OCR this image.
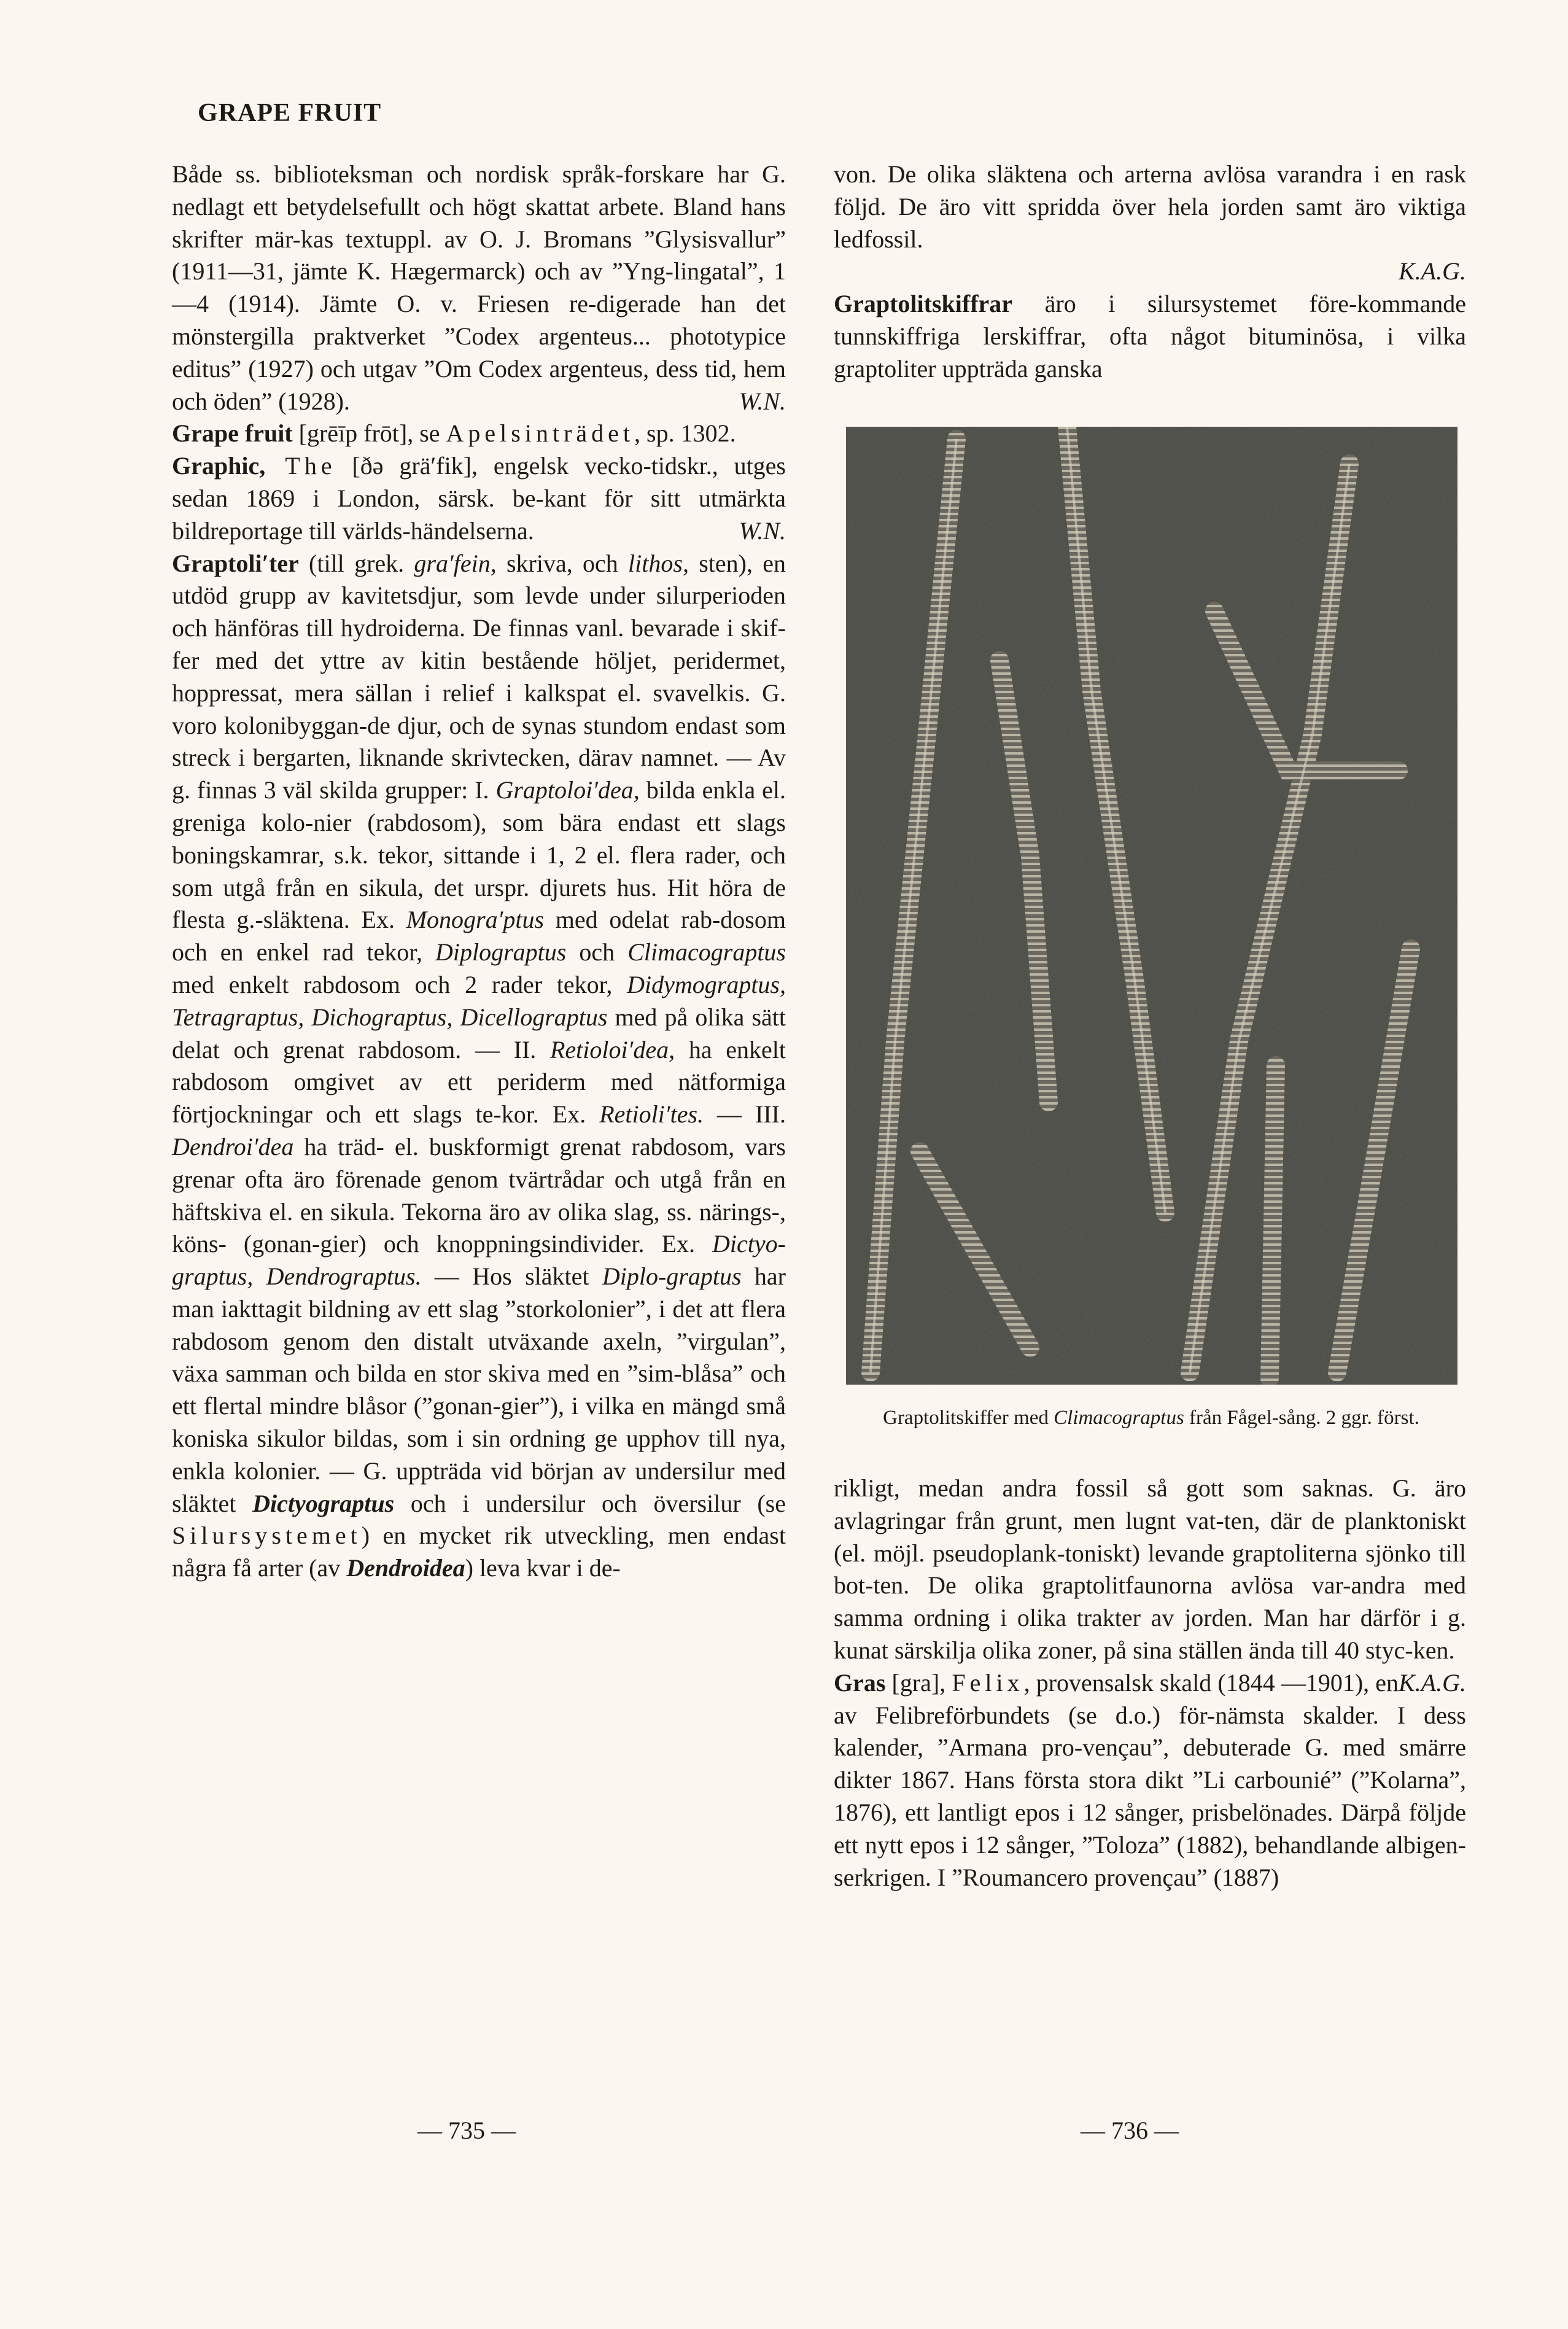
GRAPE FRUIT

Både ss. biblioteksman och nordisk språk-forskare har G. nedlagt ett betydelsefullt och högt skattat arbete. Bland hans skrifter mär-kas textuppl. av O. J. Bromans ”Glysisvallur” (1911—31, jämte K. Hægermarck) och av ”Yng-lingatal”, 1—4 (1914). Jämte O. v. Friesen re-digerade han det mönstergilla praktverket ”Codex argenteus... phototypice editus” (1927) och utgav ”Om Codex argenteus, dess tid, hem och öden” (1928).	W.N.

Grape fruit [grēīp frōt], se Apelsinträdet, sp. 1302.

Graphic, The [ðə grä′fik], engelsk vecko-tidskr., utges sedan 1869 i London, särsk. be-kant för sitt utmärkta bildreportage till världs-händelserna.	W.N.

Graptoli′ter (till grek. gra′fein, skriva, och lithos, sten), en utdöd grupp av kavitetsdjur, som levde under silurperioden och hänföras till hydroiderna. De finnas vanl. bevarade i skif-fer med det yttre av kitin bestående höljet, peridermet, hoppressat, mera sällan i relief i kalkspat el. svavelkis. G. voro kolonibyggan-de djur, och de synas stundom endast som streck i bergarten, liknande skrivtecken, därav namnet. — Av g. finnas 3 väl skilda grupper: I. Graptoloi′dea, bilda enkla el. greniga kolo-nier (rabdosom), som bära endast ett slags boningskamrar, s.k. tekor, sittande i 1, 2 el. flera rader, och som utgå från en sikula, det urspr. djurets hus. Hit höra de flesta g.-släktena. Ex. Monogra′ptus med odelat rab-dosom och en enkel rad tekor, Diplograptus och Climacograptus med enkelt rabdosom och 2 rader tekor, Didymograptus, Tetragraptus, Dichograptus, Dicellograptus med på olika sätt delat och grenat rabdosom. — II. Retioloi′dea, ha enkelt rabdosom omgivet av ett periderm med nätformiga förtjockningar och ett slags te-kor. Ex. Retioli′tes. — III. Dendroi′dea ha träd- el. buskformigt grenat rabdosom, vars grenar ofta äro förenade genom tvärtrådar och utgå från en häftskiva el. en sikula. Tekorna äro av olika slag, ss. närings-, köns- (gonan-gier) och knoppningsindivider. Ex. Dictyo-graptus, Dendrograptus. — Hos släktet Diplo-graptus har man iakttagit bildning av ett slag ”storkolonier”, i det att flera rabdosom genom den distalt utväxande axeln, ”virgulan”, växa samman och bilda en stor skiva med en ”sim-blåsa” och ett flertal mindre blåsor (”gonan-gier”), i vilka en mängd små koniska sikulor bildas, som i sin ordning ge upphov till nya, enkla kolonier. — G. uppträda vid början av undersilur med släktet Dictyograptus och i undersilur och översilur (se Silursystemet) en mycket rik utveckling, men endast några få arter (av Dendroidea) leva kvar i de-

von. De olika släktena och arterna avlösa varandra i en rask följd. De äro vitt spridda över hela jorden samt äro viktiga ledfossil.

K.A.G.

Graptolitskiffrar äro i silursystemet före-kommande tunnskiffriga lerskiffrar, ofta något bituminösa, i vilka graptoliter uppträda ganska

Graptolitskiffer med Climacograptus från Fågel-sång. 2 ggr. först.

rikligt, medan andra fossil så gott som saknas. G. äro avlagringar från grunt, men lugnt vat-ten, där de planktoniskt (el. möjl. pseudoplank-toniskt) levande graptoliterna sjönko till bot-ten. De olika graptolitfaunorna avlösa var-andra med samma ordning i olika trakter av jorden. Man har därför i g. kunat särskilja olika zoner, på sina ställen ända till 40 styc-ken.
K.A.G.

Gras [gra], Felix, provensalsk skald (1844 —1901), en av Felibreförbundets (se d.o.) för-nämsta skalder. I dess kalender, ”Armana pro-vençau”, debuterade G. med smärre dikter 1867. Hans första stora dikt ”Li carbounié” (”Kolarna”, 1876), ett lantligt epos i 12 sånger, prisbelönades. Därpå följde ett nytt epos i 12 sånger, ”Toloza” (1882), behandlande albigen-serkrigen. I ”Roumancero provençau” (1887)

— 735 —	— 736 —
